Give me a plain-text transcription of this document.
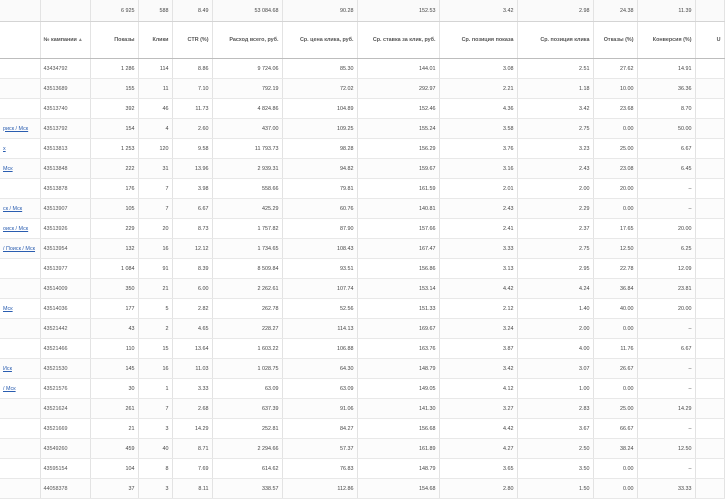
		6 925	588	8.49	53 084.68	90.28	152.53	3.42	2.98	24.38	11.39	
	№ кампании▲	Показы	Клики	CTR (%)	Расход всего, руб.	Ср. цена клика, руб.	Ср. ставка за клик, руб.	Ср. позиция показа	Ср. позиция клика	Отказы (%)	Конверсия (%)	U
	43434792	1 286	114	8.86	9 724.06	85.30	144.01	3.08	2.51	27.62	14.91	
	43513689	155	11	7.10	792.19	72.02	292.97	2.21	1.18	10.00	36.36	
	43513740	392	46	11.73	4 824.86	104.89	152.46	4.36	3.42	23.68	8.70	
риск / Мск	43513792	154	4	2.60	437.00	109.25	155.24	3.58	2.75	0.00	50.00	
x	43513813	1 253	120	9.58	11 793.73	98.28	156.29	3.76	3.23	25.00	6.67	
Мск	43513848	222	31	13.96	2 939.31	94.82	159.67	3.16	2.43	23.08	6.45	
	43513878	176	7	3.98	558.66	79.81	161.59	2.01	2.00	20.00	–	
ск / Мск	43513907	105	7	6.67	425.29	60.76	140.81	2.43	2.29	0.00	–	
оиск / Мск	43513926	229	20	8.73	1 757.82	87.90	157.66	2.41	2.37	17.65	20.00	
/ Поиск / Мск	43513954	132	16	12.12	1 734.65	108.43	167.47	3.33	2.75	12.50	6.25	
	43513977	1 084	91	8.39	8 509.84	93.51	156.86	3.13	2.95	22.78	12.09	
	43514009	350	21	6.00	2 262.61	107.74	153.14	4.42	4.24	36.84	23.81	
Мск	43514036	177	5	2.82	262.78	52.56	151.33	2.12	1.40	40.00	20.00	
	43521442	43	2	4.65	228.27	114.13	169.67	3.24	2.00	0.00	–	
	43521466	110	15	13.64	1 603.22	106.88	163.76	3.87	4.00	11.76	6.67	
Иск	43521530	145	16	11.03	1 028.75	64.30	148.79	3.42	3.07	26.67	–	
/ Мск	43521576	30	1	3.33	63.09	63.09	149.05	4.12	1.00	0.00	–	
	43521624	261	7	2.68	637.39	91.06	141.30	3.27	2.83	25.00	14.29	
	43521669	21	3	14.29	252.81	84.27	156.68	4.42	3.67	66.67	–	
	43549260	459	40	8.71	2 294.66	57.37	161.89	4.27	2.50	38.24	12.50	
	43595154	104	8	7.69	614.62	76.83	148.79	3.65	3.50	0.00	–	
	44058378	37	3	8.11	338.57	112.86	154.68	2.80	1.50	0.00	33.33	
